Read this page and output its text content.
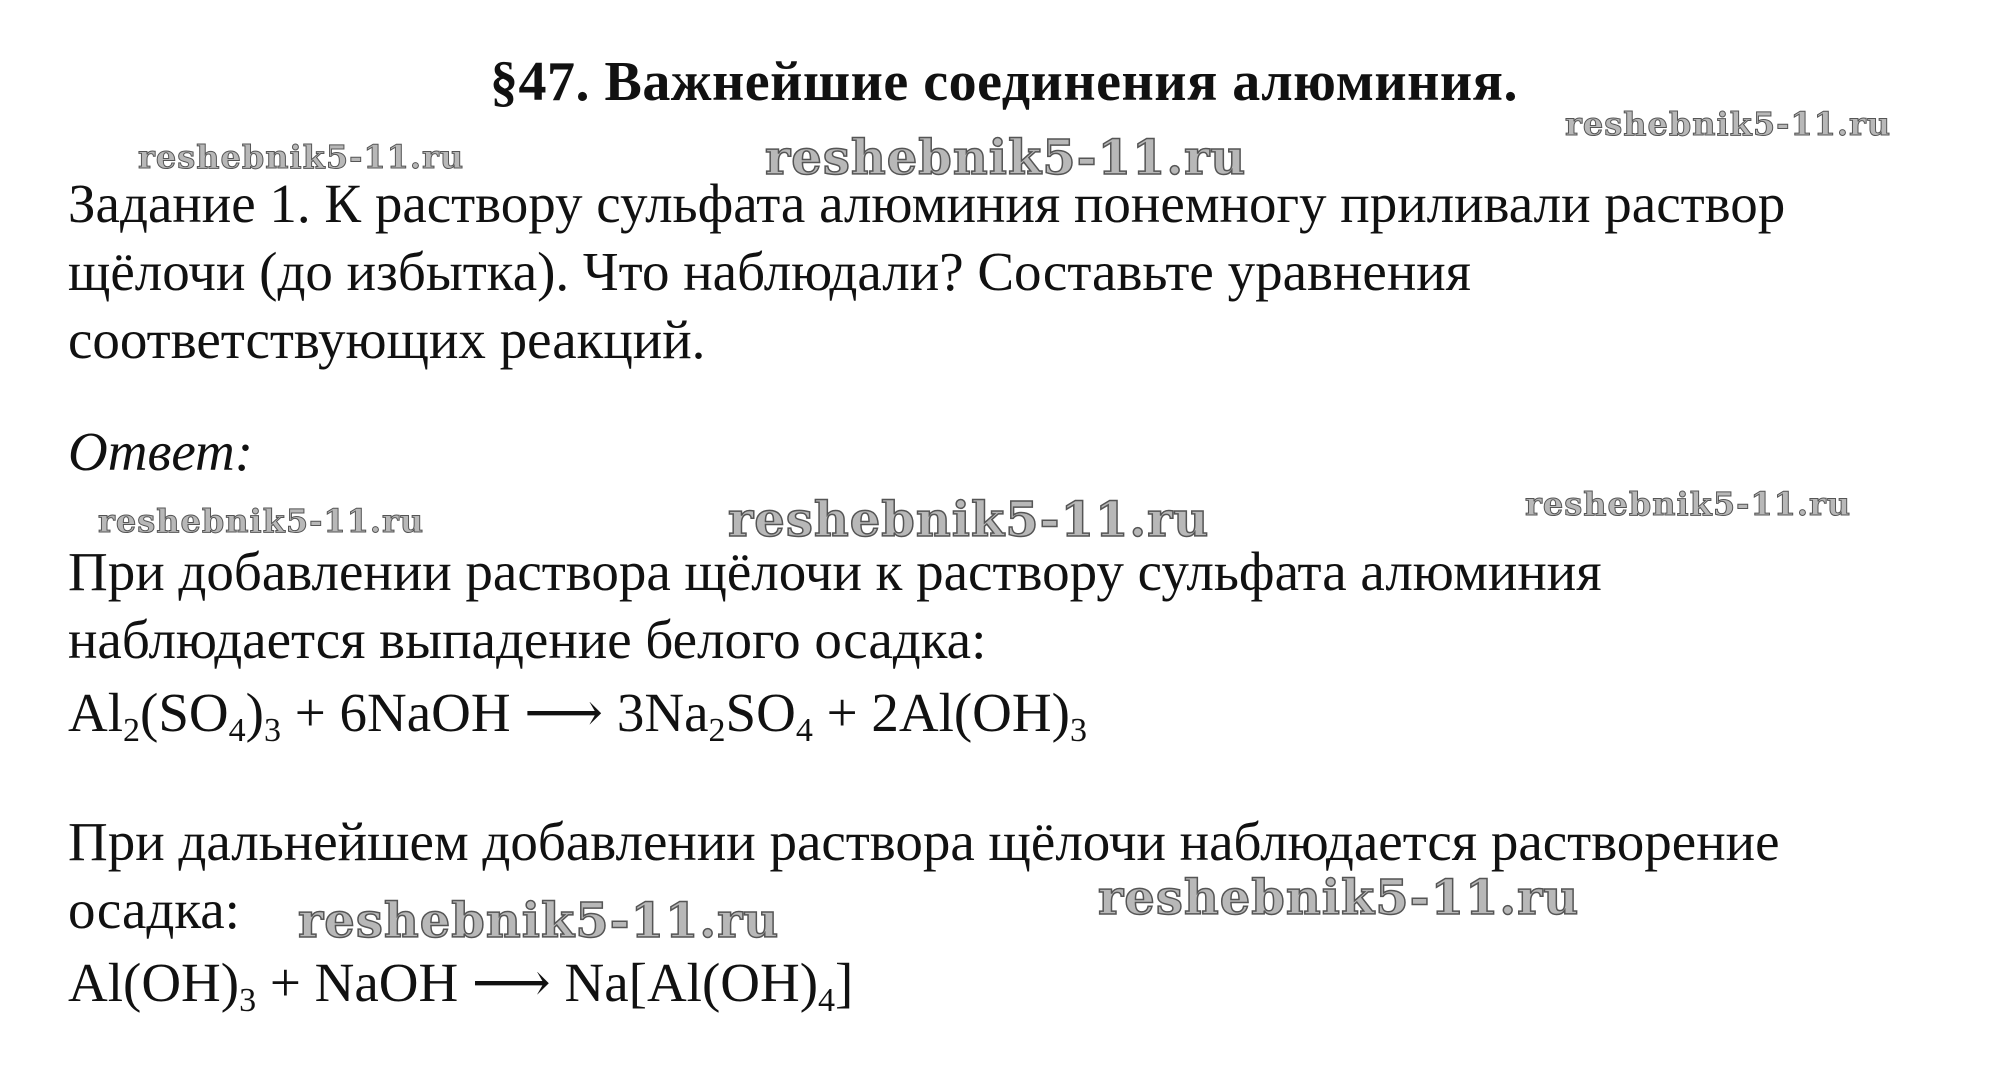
§47. Важнейшие соединения алюминия.
reshebnik5-11.ru
reshebnik5-11.ru	reshebnik5-11.ru
Задание 1. К раствору сульфата алюминия понемногу приливали раствор
щёлочи (до избытка). Что наблюдали? Составьте уравнения
соответствующих реакций.
Ответ:
reshebnik5-11.ru	reshebnik5-11.ru	reshebnik5-11.ru
При добавлении раствора щёлочи к раствору сульфата алюминия
наблюдается выпадение белого осадка:
$Al_2(SO_4)_3$ + 6NaOH ⟶ $3Na_2SO_4 + 2Al(OH)_3$
При дальнейшем добавлении раствора щёлочи наблюдается растворение
осадка:	reshebnik5-11.ru	reshebnik5-11.ru
$Al(OH)_3$ + NaOH ⟶ $Na[Al(OH)_4]$
